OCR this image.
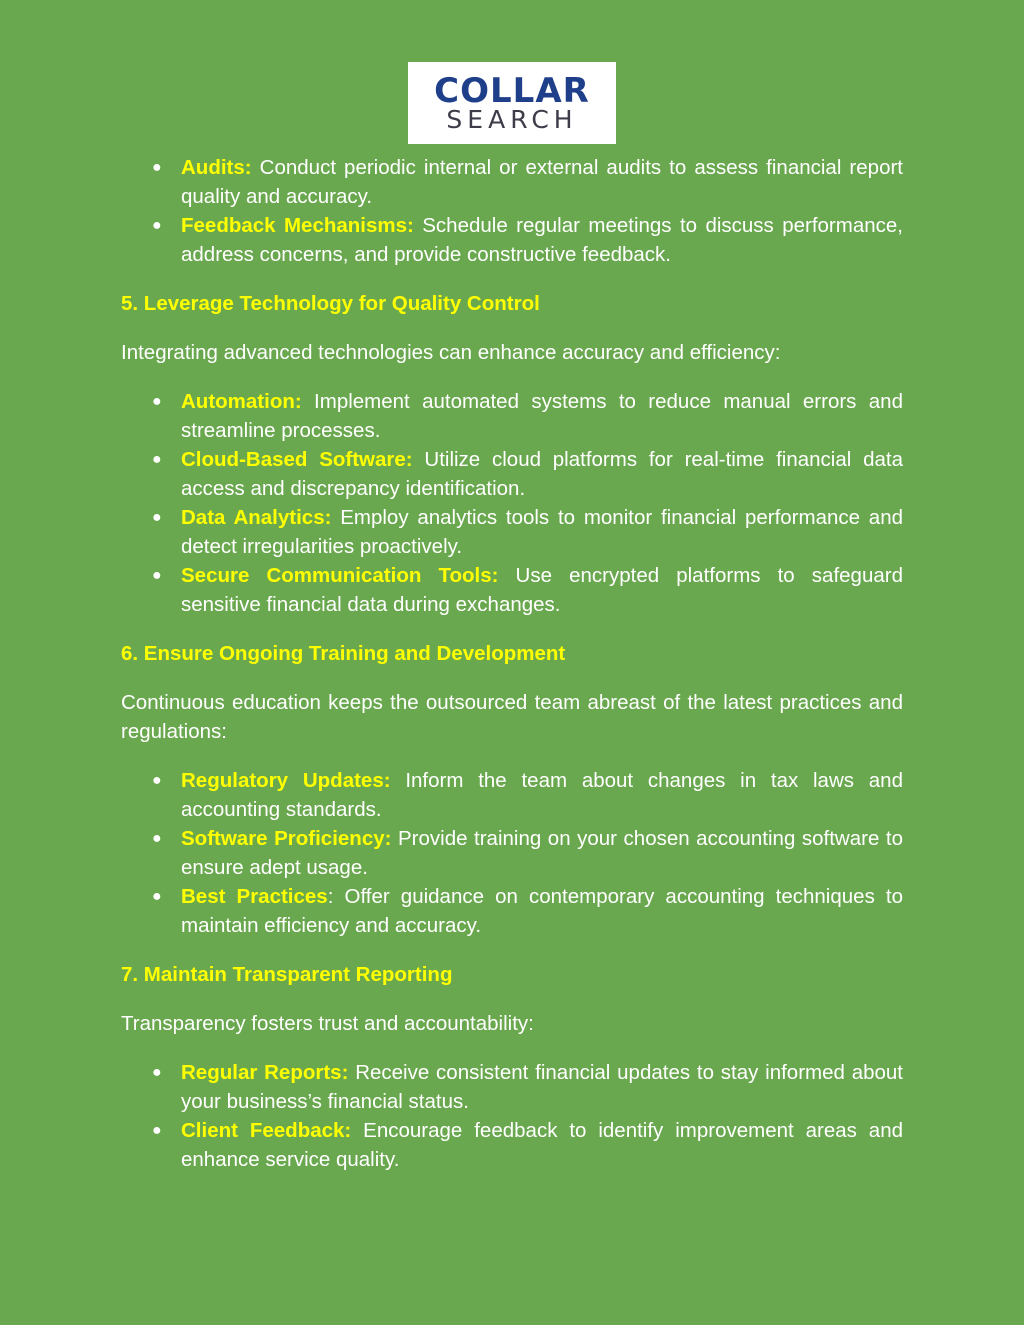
COLLAR
SEARCH
● Audits: Conduct periodic internal or external audits to assess financial report quality and accuracy.
● Feedback Mechanisms: Schedule regular meetings to discuss performance, address concerns, and provide constructive feedback.
5. Leverage Technology for Quality Control

Integrating advanced technologies can enhance accuracy and efficiency:

● Automation: Implement automated systems to reduce manual errors and streamline processes.
● Cloud-Based Software: Utilize cloud platforms for real-time financial data access and discrepancy identification.
● Data Analytics: Employ analytics tools to monitor financial performance and detect irregularities proactively.
● Secure Communication Tools: Use encrypted platforms to safeguard sensitive financial data during exchanges.
6. Ensure Ongoing Training and Development

Continuous education keeps the outsourced team abreast of the latest practices and regulations:

● Regulatory Updates: Inform the team about changes in tax laws and accounting standards.
● Software Proficiency: Provide training on your chosen accounting software to ensure adept usage.
● Best Practices: Offer guidance on contemporary accounting techniques to maintain efficiency and accuracy.
7. Maintain Transparent Reporting

Transparency fosters trust and accountability:

● Regular Reports: Receive consistent financial updates to stay informed about your business’s financial status.
● Client Feedback: Encourage feedback to identify improvement areas and enhance service quality.
